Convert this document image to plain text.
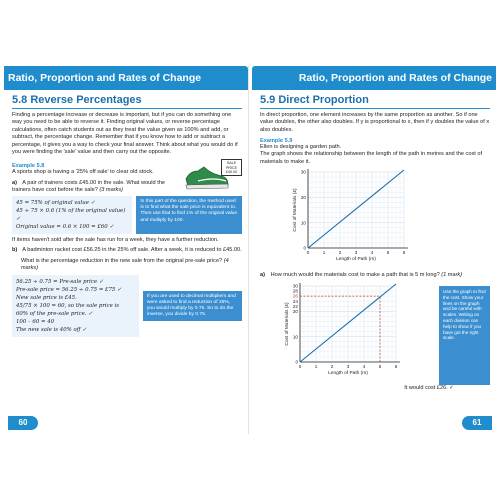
Ratio, Proportion and Rates of Change
5.8 Reverse Percentages

Finding a percentage increase or decrease is important, but if you can do something one way you need to be able to reverse it. Finding original values, or reverse percentage calculations, often catch students out as they treat the value given as 100% and add, or subtract, the percentage change. Remember that if you know how to add or subtract a percentage, it gives you a way to check your final answer. Think about what you would do if you were finding the 'sale' value and then carry out the opposite.

Example 5.8
A sports shop is having a '25% off sale' to clear old stock.
a) A pair of trainers costs £45.00 in the sale. What would the trainers have cost before the sale? (3 marks)
SALE PRICE £45.00
45 = 75% of original value ✓
45 ÷ 75 × 0.6 (1% of the original value) ✓
Original value = 0.6 × 100 = £60 ✓
In this part of the question, the method used is to find what the sale price is equivalent to. Then use that to find 1% of the original value and multiply by 100.

If items haven't sold after the sale has run for a week, they have a further reduction.

b) A badminton racket cost £56.25 in the 25% off sale. After a week, it is reduced to £45.00.
What is the percentage reduction in the new sale from the original pre-sale price? (4 marks)
56.25 ÷ 0.75 = Pre-sale price ✓
Pre-sale price = 56.25 ÷ 0.75 = £75 ✓
New sale price is £45.
45/75 × 100 = 60, so the sale price is
60% of the pre-sale price. ✓
100 – 60 = 40
The new sale is 40% off ✓
If you are used to decimal multipliers and were asked to find a reduction of 25%, you would multiply by 0.75. So to do the inverse, you divide by 0.75.
60
Ratio, Proportion and Rates of Change
5.9 Direct Proportion

In direct proportion, one element increases by the same proportion as another. So if one value doubles, the other also doubles. If y is proportional to x, then if y doubles the value of x also doubles.

Example 5.9
Ellen is designing a garden path.
The graph shows the relationship between the length of the path in metres and the cost of materials to make it.
0	1	2	3	4	5	6
0
10
20
30
Length of Path (m)
Cost of Materials (£)
a) How much would the materials cost to make a path that is 5 m long? (1 mark)
0	1	2	3	4	5	6
0
10
20
22
24
26
28
30
Length of Path (m)
Cost of Materials (£)
Use the graph to find the cost. Show your lines on the graph and be careful with scales. Writing on each division can help to show if you have got the right scale.
It would cost £26. ✓
61
